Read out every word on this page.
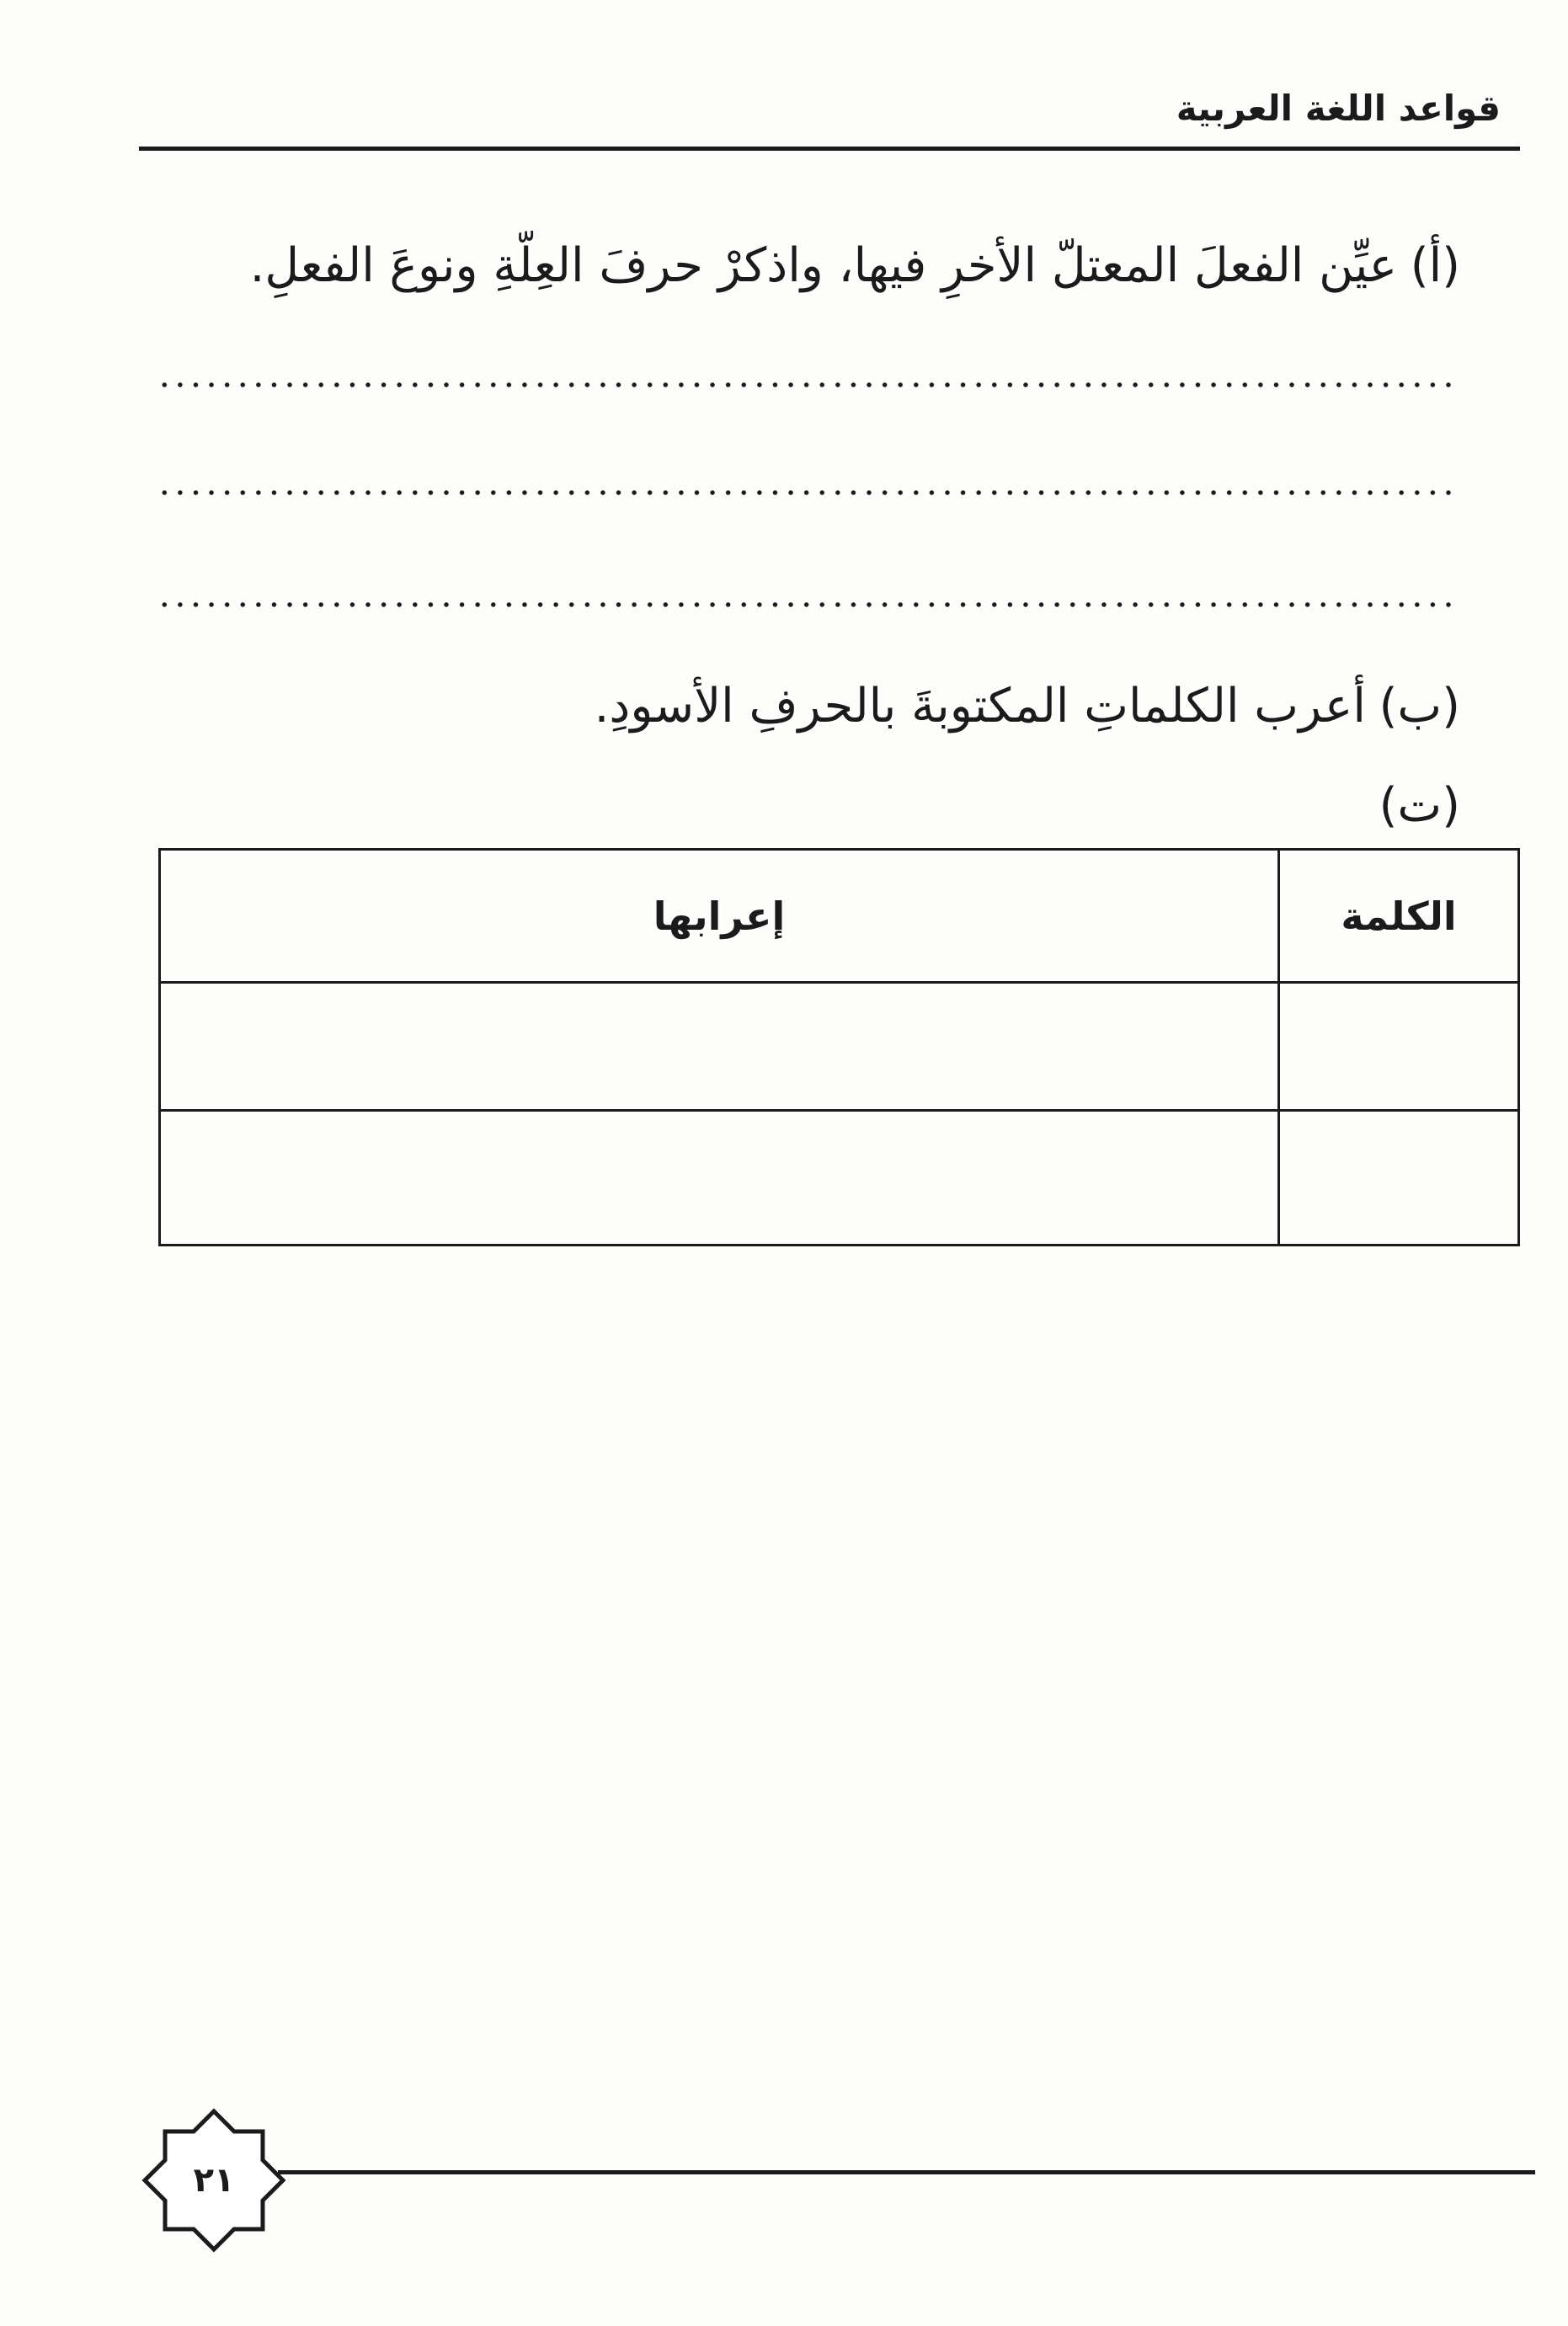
قواعد اللغة العربية
(أ)عيِّن الفعلَ المعتلّ الأخرِ فيها، واذكرْ حرفَ العِلَّةِ ونوعَ الفعلِ.
(ب)أعرب الكلماتِ المكتوبةَ بالحرفِ الأسودِ.
(ت)
الكلمة	إعرابها

٢١
